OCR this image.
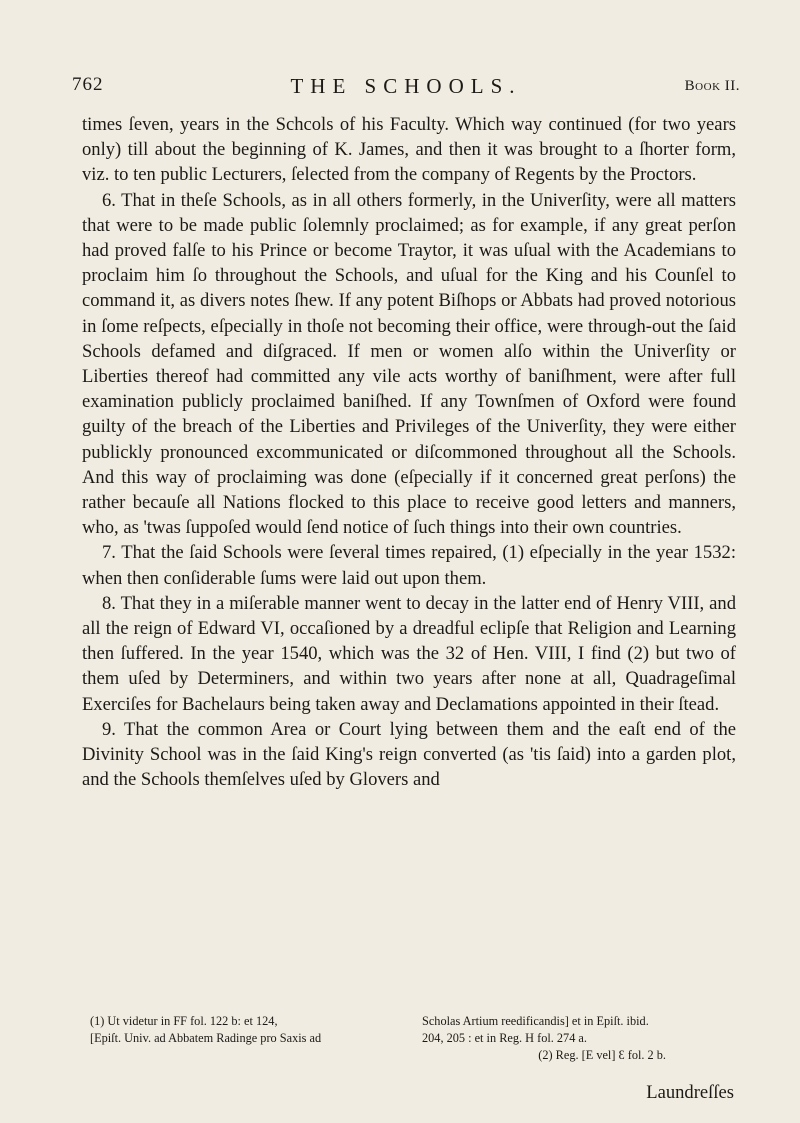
762	THE SCHOOLS.	Book II.

times ſeven, years in the Schcols of his Faculty. Which way continued (for two years only) till about the beginning of K. James, and then it was brought to a ſhorter form, viz. to ten public Lecturers, ſelected from the company of Regents by the Proctors.

6. That in theſe Schools, as in all others formerly, in the Univerſity, were all matters that were to be made public ſolemnly proclaimed; as for example, if any great perſon had proved falſe to his Prince or become Traytor, it was uſual with the Academians to proclaim him ſo throughout the Schools, and uſual for the King and his Counſel to command it, as divers notes ſhew. If any potent Biſhops or Abbats had proved notorious in ſome reſpects, eſpecially in thoſe not becoming their office, were through-out the ſaid Schools defamed and diſgraced. If men or women alſo within the Univerſity or Liberties thereof had committed any vile acts worthy of baniſhment, were after full examination publicly proclaimed baniſhed. If any Townſmen of Oxford were found guilty of the breach of the Liberties and Privileges of the Univerſity, they were either publickly pronounced excommunicated or diſcommoned throughout all the Schools. And this way of proclaiming was done (eſpecially if it concerned great perſons) the rather becauſe all Nations flocked to this place to receive good letters and manners, who, as 'twas ſuppoſed would ſend notice of ſuch things into their own countries.

7. That the ſaid Schools were ſeveral times repaired, (1) eſpecially in the year 1532: when then conſiderable ſums were laid out upon them.

8. That they in a miſerable manner went to decay in the latter end of Henry VIII, and all the reign of Edward VI, occaſioned by a dreadful eclipſe that Religion and Learning then ſuffered. In the year 1540, which was the 32 of Hen. VIII, I find (2) but two of them uſed by Determiners, and within two years after none at all, Quadrageſimal Exerciſes for Bachelaurs being taken away and Declamations appointed in their ſtead.

9. That the common Area or Court lying between them and the eaſt end of the Divinity School was in the ſaid King's reign converted (as 'tis ſaid) into a garden plot, and the Schools themſelves uſed by Glovers and

(1) Ut videtur in FF fol. 122 b: et 124,
[Epiſt. Univ. ad Abbatem Radinge pro Saxis ad
Scholas Artium reedificandis] et in Epiſt. ibid.
204, 205 : et in Reg. H fol. 274 a.
(2) Reg. [E vel] Ɛ fol. 2 b.
Laundreſſes
